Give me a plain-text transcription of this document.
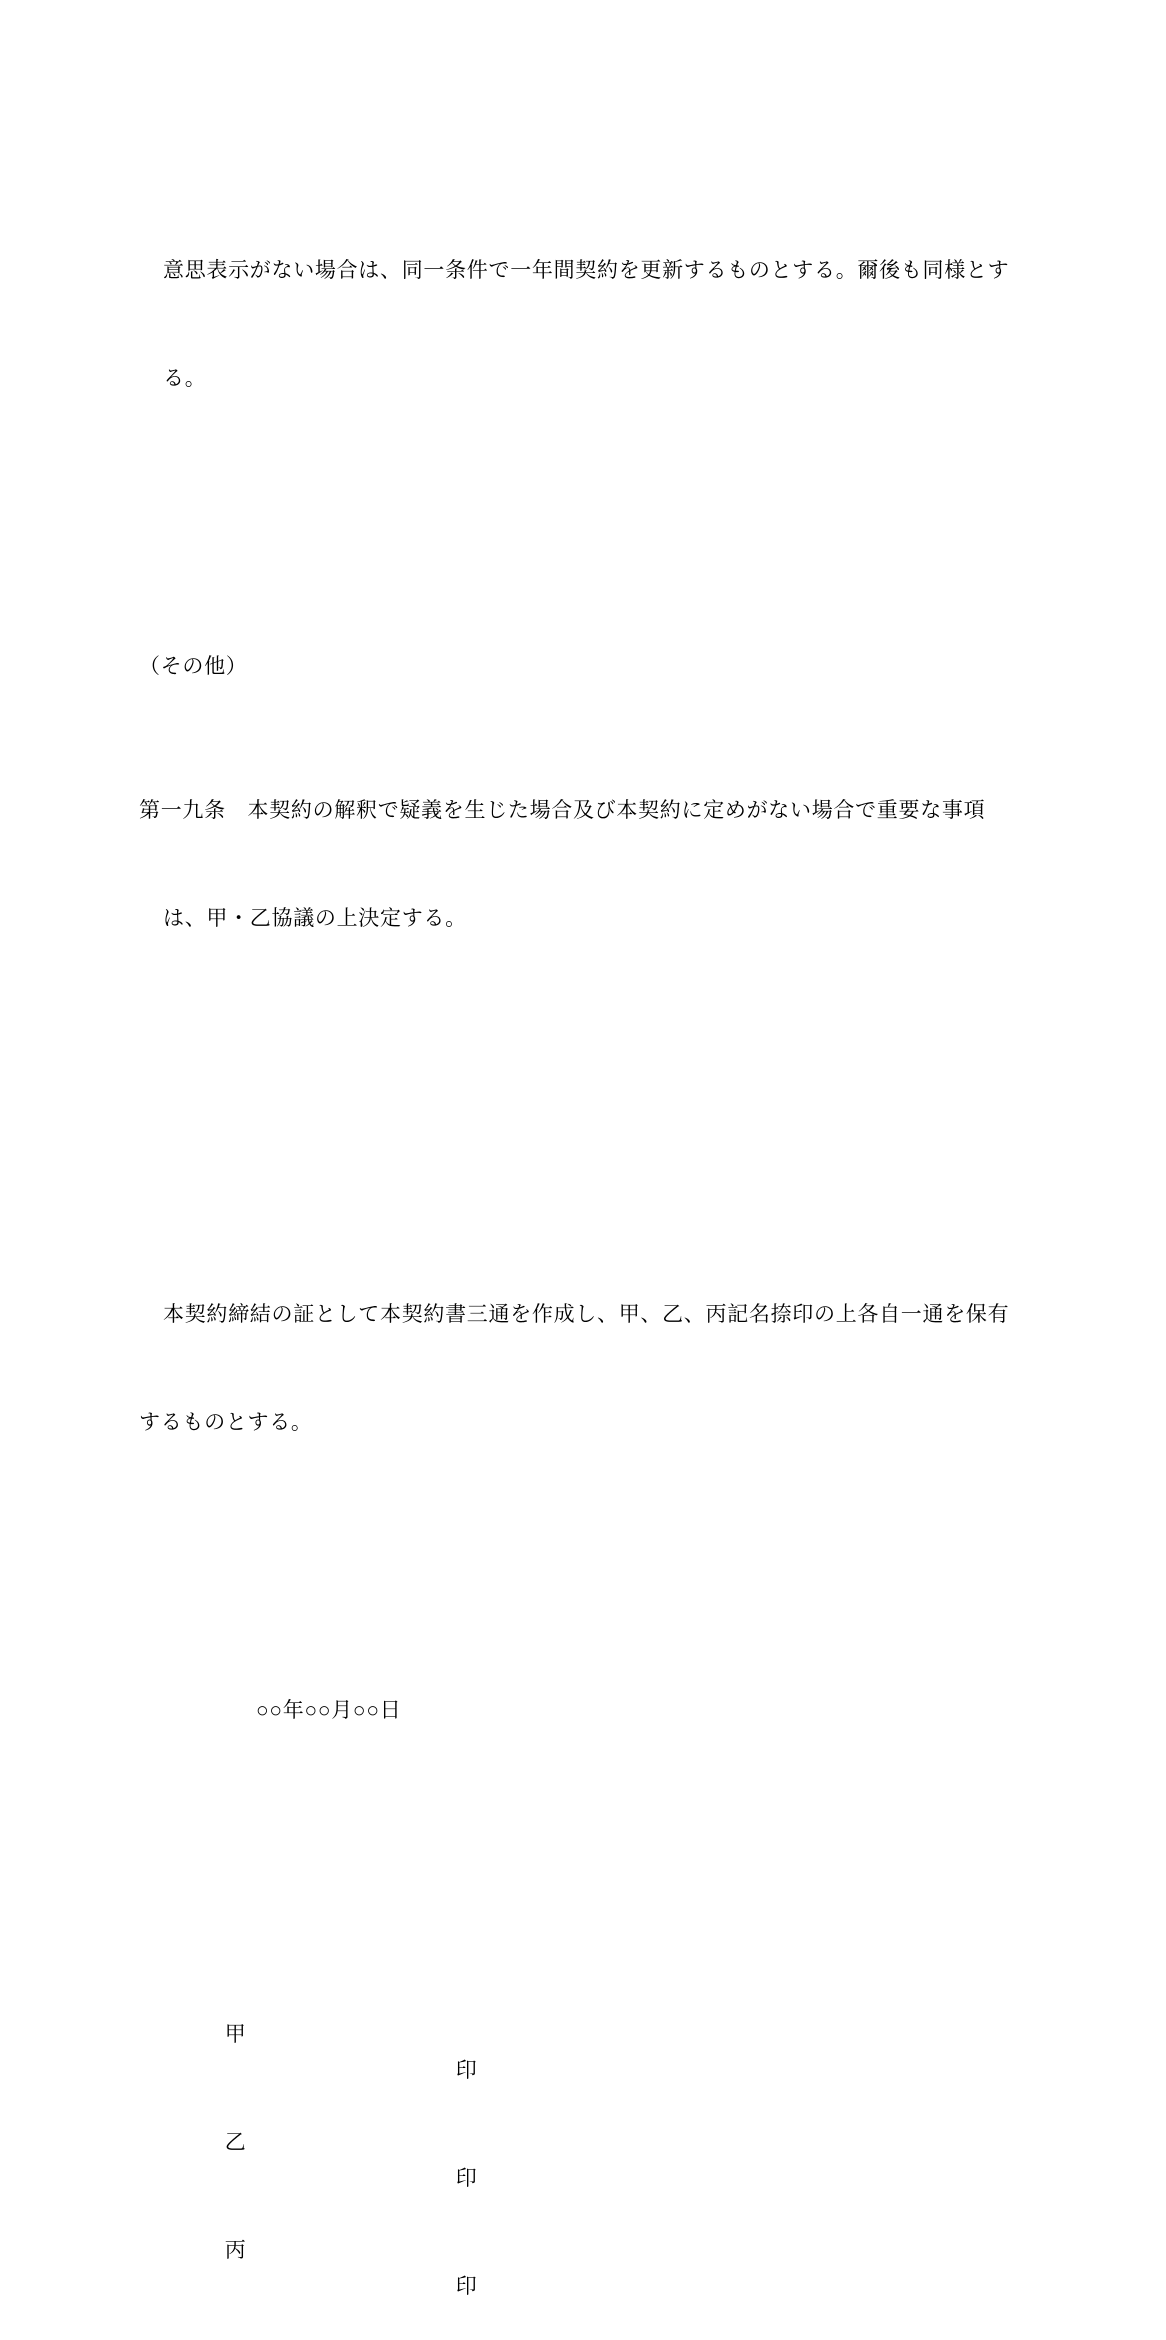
意思表示がない場合は、同一条件で一年間契約を更新するものとする。爾後も同様とす

る。

（その他）

第一九条　本契約の解釈で疑義を生じた場合及び本契約に定めがない場合で重要な事項

は、甲・乙協議の上決定する。

本契約締結の証として本契約書三通を作成し、甲、乙、丙記名捺印の上各自一通を保有

するものとする。

○○年○○月○○日

甲
印

乙
印

丙
印
